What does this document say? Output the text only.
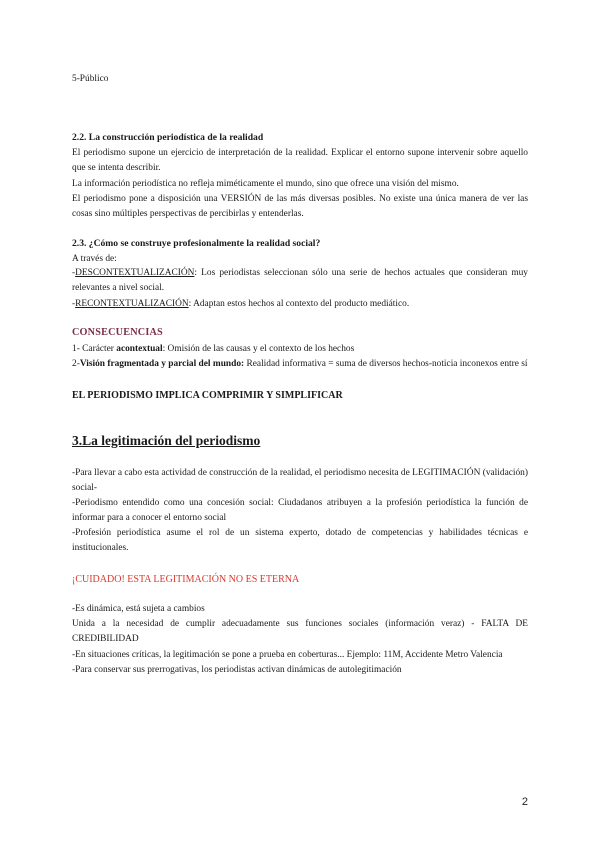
5-Público

2.2. La construcción periodística de la realidad

El periodismo supone un ejercicio de interpretación de la realidad. Explicar el entorno supone intervenir sobre aquello que se intenta describir.

La información periodística no refleja miméticamente el mundo, sino que ofrece una visión del mismo.

El periodismo pone a disposición una VERSIÓN de las más diversas posibles. No existe una única manera de ver las cosas sino múltiples perspectivas de percibirlas y entenderlas.

2.3. ¿Cómo se construye profesionalmente la realidad social?

A través de:

-DESCONTEXTUALIZACIÓN: Los periodistas seleccionan sólo una serie de hechos actuales que consideran muy relevantes a nivel social.

-RECONTEXTUALIZACIÓN: Adaptan estos hechos al contexto del producto mediático.

CONSECUENCIAS

1- Carácter acontextual: Omisión de las causas y el contexto de los hechos

2-Visión fragmentada y parcial del mundo: Realidad informativa = suma de diversos hechos-noticia inconexos entre sí

EL PERIODISMO IMPLICA COMPRIMIR Y SIMPLIFICAR

3.La legitimación del periodismo

-Para llevar a cabo esta actividad de construcción de la realidad, el periodismo necesita de LEGITIMACIÓN (validación) social-

-Periodismo entendido como una concesión social: Ciudadanos atribuyen a la profesión periodística la función de informar para a conocer el entorno social

-Profesión periodística asume el rol de un sistema experto, dotado de competencias y habilidades técnicas e institucionales.

¡CUIDADO! ESTA LEGITIMACIÓN NO ES ETERNA

-Es dinámica, está sujeta a cambios

Unida a la necesidad de cumplir adecuadamente sus funciones sociales (información veraz) - FALTA DE CREDIBILIDAD

-En situaciones críticas, la legitimación se pone a prueba en coberturas... Ejemplo: 11M, Accidente Metro Valencia

-Para conservar sus prerrogativas, los periodistas activan dinámicas de autolegitimación

2
